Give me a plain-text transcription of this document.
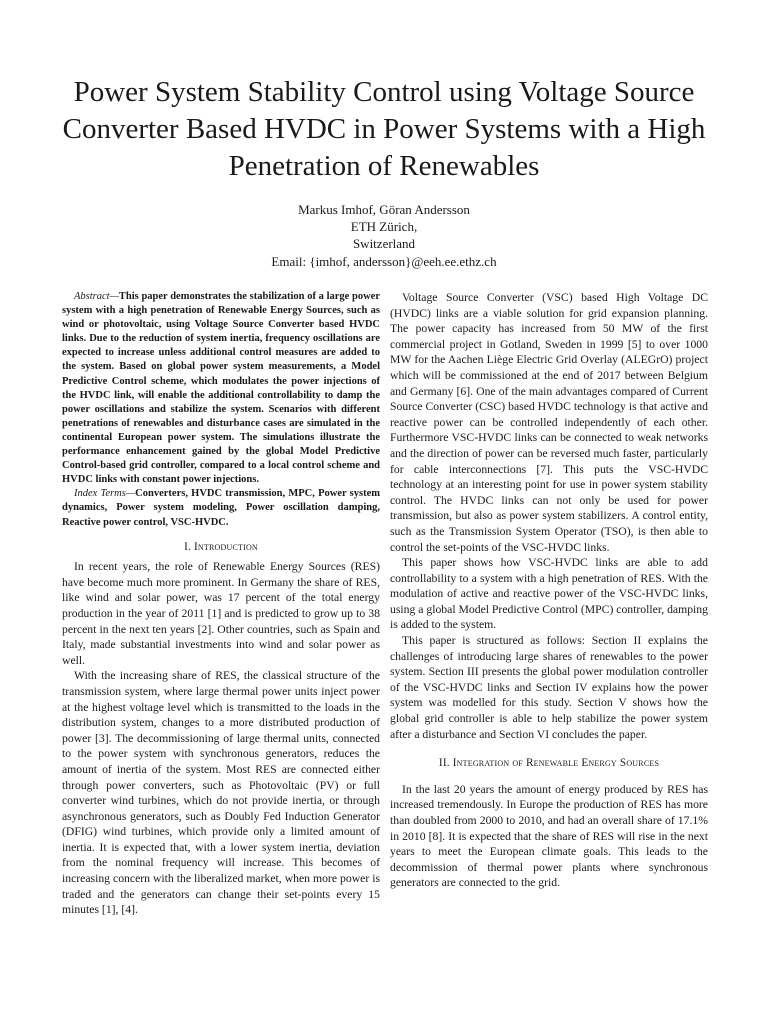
Power System Stability Control using Voltage Source Converter Based HVDC in Power Systems with a High Penetration of Renewables
Markus Imhof, Göran Andersson
ETH Zürich,
Switzerland
Email: {imhof, andersson}@eeh.ee.ethz.ch

Abstract—This paper demonstrates the stabilization of a large power system with a high penetration of Renewable Energy Sources, such as wind or photovoltaic, using Voltage Source Converter based HVDC links. Due to the reduction of system inertia, frequency oscillations are expected to increase unless additional control measures are added to the system. Based on global power system measurements, a Model Predictive Control scheme, which modulates the power injections of the HVDC link, will enable the additional controllability to damp the power oscillations and stabilize the system. Scenarios with different penetrations of renewables and disturbance cases are simulated in the continental European power system. The simulations illustrate the performance enhancement gained by the global Model Predictive Control-based grid controller, compared to a local control scheme and HVDC links with constant power injections.

Index Terms—Converters, HVDC transmission, MPC, Power system dynamics, Power system modeling, Power oscillation damping, Reactive power control, VSC-HVDC.

I. Introduction

In recent years, the role of Renewable Energy Sources (RES) have become much more prominent. In Germany the share of RES, like wind and solar power, was 17 percent of the total energy production in the year of 2011 [1] and is predicted to grow up to 38 percent in the next ten years [2]. Other countries, such as Spain and Italy, made substantial investments into wind and solar power as well.

With the increasing share of RES, the classical structure of the transmission system, where large thermal power units inject power at the highest voltage level which is transmitted to the loads in the distribution system, changes to a more distributed production of power [3]. The decommissioning of large thermal units, connected to the power system with synchronous generators, reduces the amount of inertia of the system. Most RES are connected either through power converters, such as Photovoltaic (PV) or full converter wind turbines, which do not provide inertia, or through asynchronous generators, such as Doubly Fed Induction Generator (DFIG) wind turbines, which provide only a limited amount of inertia. It is expected that, with a lower system inertia, deviation from the nominal frequency will increase. This becomes of increasing concern with the liberalized market, when more power is traded and the generators can change their set-points every 15 minutes [1], [4].

Voltage Source Converter (VSC) based High Voltage DC (HVDC) links are a viable solution for grid expansion planning. The power capacity has increased from 50 MW of the first commercial project in Gotland, Sweden in 1999 [5] to over 1000 MW for the Aachen Liège Electric Grid Overlay (ALEGrO) project which will be commissioned at the end of 2017 between Belgium and Germany [6]. One of the main advantages compared of Current Source Converter (CSC) based HVDC technology is that active and reactive power can be controlled independently of each other. Furthermore VSC-HVDC links can be connected to weak networks and the direction of power can be reversed much faster, particularly for cable interconnections [7]. This puts the VSC-HVDC technology at an interesting point for use in power system stability control. The HVDC links can not only be used for power transmission, but also as power system stabilizers. A control entity, such as the Transmission System Operator (TSO), is then able to control the set-points of the VSC-HVDC links.

This paper shows how VSC-HVDC links are able to add controllability to a system with a high penetration of RES. With the modulation of active and reactive power of the VSC-HVDC links, using a global Model Predictive Control (MPC) controller, damping is added to the system.

This paper is structured as follows: Section II explains the challenges of introducing large shares of renewables to the power system. Section III presents the global power modulation controller of the VSC-HVDC links and Section IV explains how the power system was modelled for this study. Section V shows how the global grid controller is able to help stabilize the power system after a disturbance and Section VI concludes the paper.

II. Integration of Renewable Energy Sources

In the last 20 years the amount of energy produced by RES has increased tremendously. In Europe the production of RES has more than doubled from 2000 to 2010, and had an overall share of 17.1% in 2010 [8]. It is expected that the share of RES will rise in the next years to meet the European climate goals. This leads to the decommission of thermal power plants where synchronous generators are connected to the grid.
